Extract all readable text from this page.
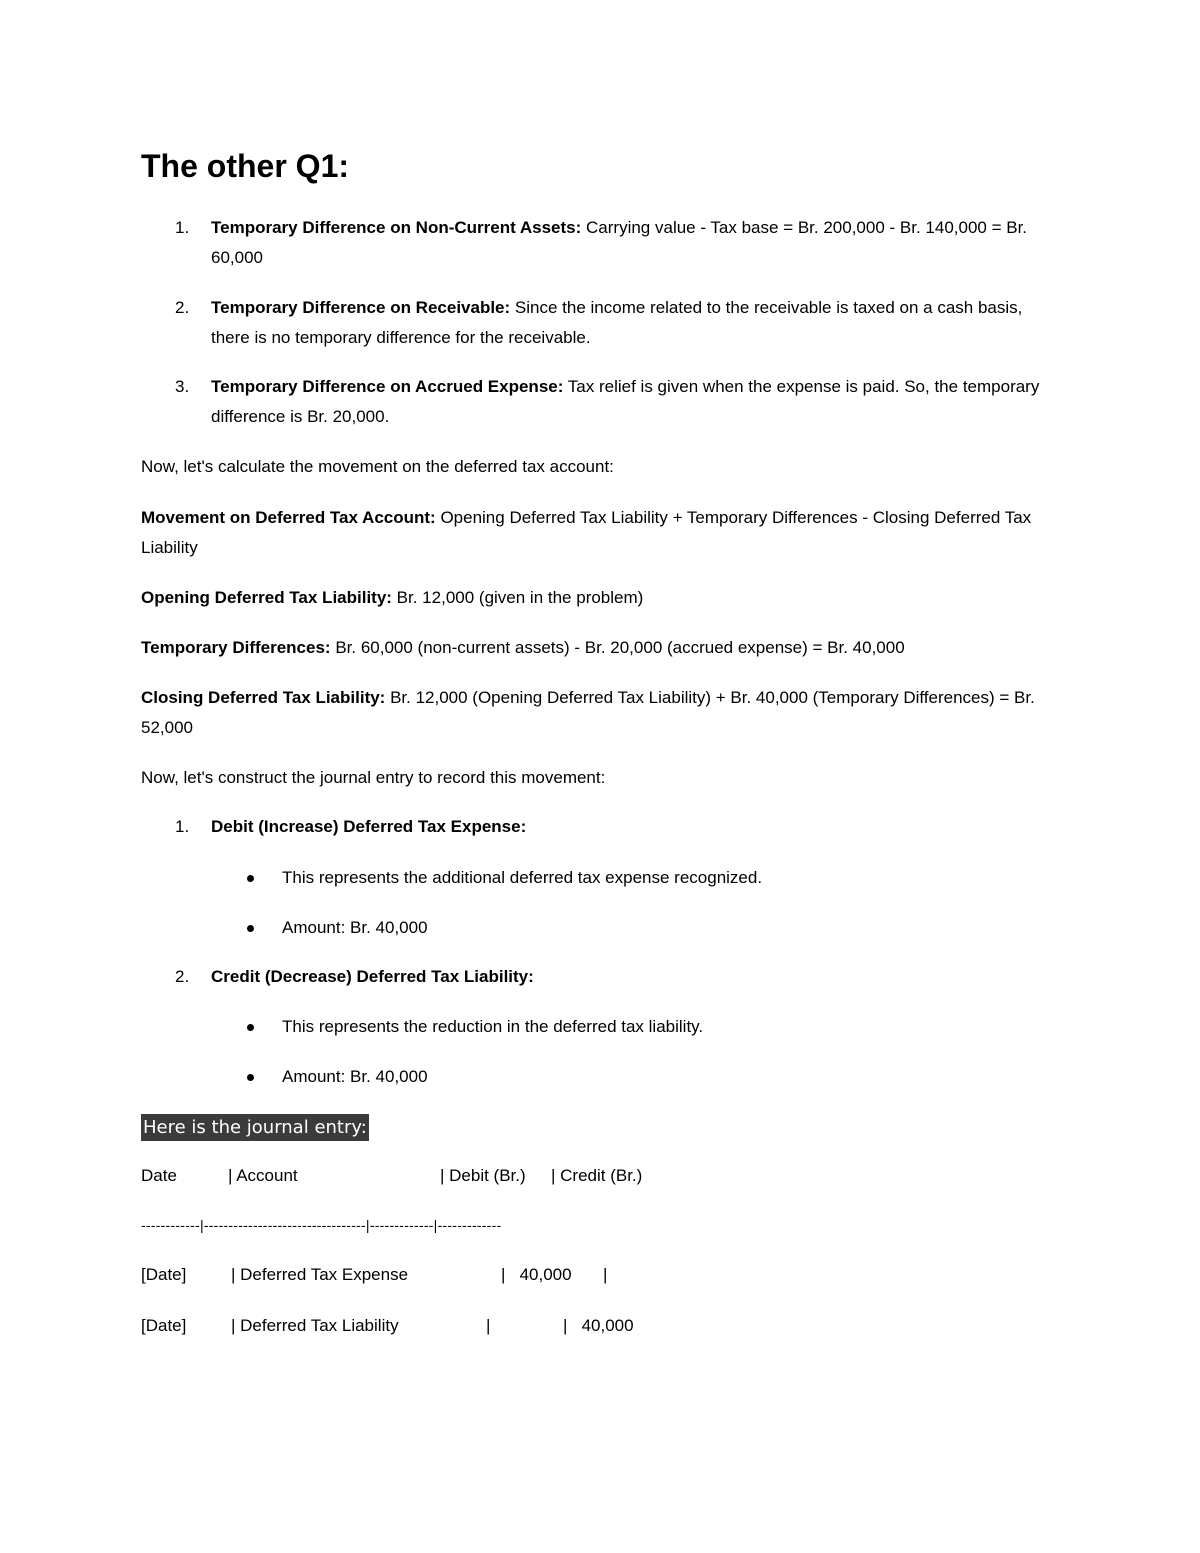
The other Q1:
1. Temporary Difference on Non-Current Assets: Carrying value - Tax base = Br. 200,000 - Br. 140,000 = Br. 60,000
2. Temporary Difference on Receivable: Since the income related to the receivable is taxed on a cash basis, there is no temporary difference for the receivable.
3. Temporary Difference on Accrued Expense: Tax relief is given when the expense is paid. So, the temporary difference is Br. 20,000.
Now, let's calculate the movement on the deferred tax account:
Movement on Deferred Tax Account: Opening Deferred Tax Liability + Temporary Differences - Closing Deferred Tax Liability
Opening Deferred Tax Liability: Br. 12,000 (given in the problem)
Temporary Differences: Br. 60,000 (non-current assets) - Br. 20,000 (accrued expense) = Br. 40,000
Closing Deferred Tax Liability: Br. 12,000 (Opening Deferred Tax Liability) + Br. 40,000 (Temporary Differences) = Br. 52,000
Now, let's construct the journal entry to record this movement:
1. Debit (Increase) Deferred Tax Expense:
This represents the additional deferred tax expense recognized.
Amount: Br. 40,000
2. Credit (Decrease) Deferred Tax Liability:
This represents the reduction in the deferred tax liability.
Amount: Br. 40,000
Here is the journal entry:
Date	| Account	| Debit (Br.) | Credit (Br.)
------------|---------------------------------|-------------|-------------
[Date]	| Deferred Tax Expense	|   40,000 |
[Date]	| Deferred Tax Liability	|	|   40,000
